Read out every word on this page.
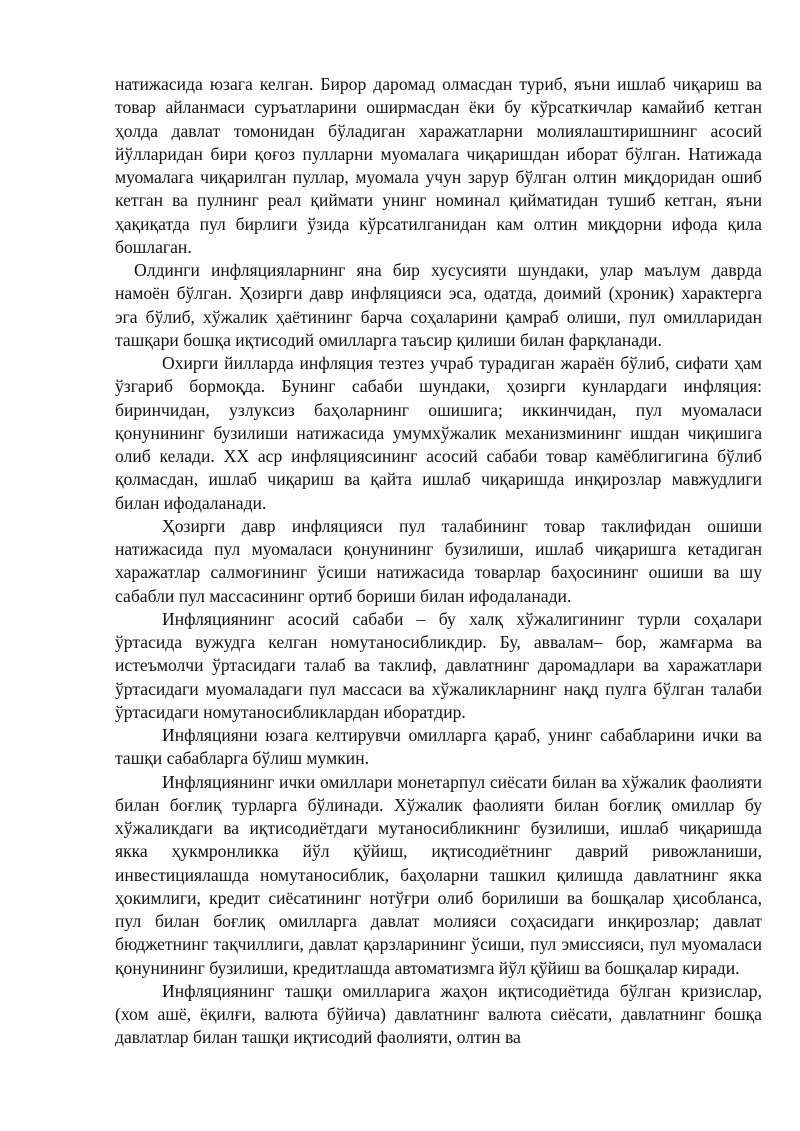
натижасида юзага келган. Бирор даромад олмасдан туриб, яъни ишлаб чиқариш ва товар айланмаси суръатларини оширмасдан ёки бу кўрсаткичлар камайиб кетган ҳолда давлат томонидан бўладиган харажатларни молиялаштиришнинг асосий йўлларидан бири қоғоз пулларни муомалага чиқаришдан иборат бўлган. Натижада муомалага чиқарилган пуллар, муомала учун зарур бўлган олтин миқдоридан ошиб кетган ва пулнинг реал қиймати унинг номинал қийматидан тушиб кетган, яъни ҳақиқатда пул бирлиги ўзида кўрсатилганидан кам олтин миқдорни ифода қила бошлаган.

Олдинги инфляцияларнинг яна бир хусусияти шундаки, улар маълум даврда намоён бўлган. Ҳозирги давр инфляцияси эса, одатда, доимий (хроник) характерга эга бўлиб, хўжалик ҳаётининг барча соҳаларини қамраб олиши, пул омилларидан ташқари бошқа иқтисодий омилларга таъсир қилиши билан фарқланади.

Охирги йилларда инфляция тезтез учраб турадиган жараён бўлиб, сифати ҳам ўзгариб бормоқда. Бунинг сабаби шундаки, ҳозирги кунлардаги инфляция: биринчидан, узлуксиз баҳоларнинг ошишига; иккинчидан, пул муомаласи қонунининг бузилиши натижасида умумхўжалик механизмининг ишдан чиқишига олиб келади. XX аср инфляциясининг асосий сабаби товар камёблигигина бўлиб қолмасдан, ишлаб чиқариш ва қайта ишлаб чиқаришда инқирозлар мавжудлиги билан ифодаланади.

Ҳозирги давр инфляцияси пул талабининг товар таклифидан ошиши натижасида пул муомаласи қонунининг бузилиши, ишлаб чиқаришга кетадиган харажатлар салмоғининг ўсиши натижасида товарлар баҳосининг ошиши ва шу сабабли пул массасининг ортиб бориши билан ифодаланади.

Инфляциянинг асосий сабаби – бу халқ хўжалигининг турли соҳалари ўртасида вужудга келган номутаносибликдир. Бу, аввалам– бор, жамғарма ва истеъмолчи ўртасидаги талаб ва таклиф, давлатнинг даромадлари ва харажатлари ўртасидаги муомаладаги пул массаси ва хўжаликларнинг нақд пулга бўлган талаби ўртасидаги номутаносибликлардан иборатдир.

Инфляцияни юзага келтирувчи омилларга қараб, унинг сабабларини ички ва ташқи сабабларга бўлиш мумкин.

Инфляциянинг ички омиллари монетарпул сиёсати билан ва хўжалик фаолияти билан боғлиқ турларга бўлинади. Хўжалик фаолияти билан боғлиқ омиллар бу хўжаликдаги ва иқтисодиётдаги мутаносибликнинг бузилиши, ишлаб чиқаришда якка ҳукмронликка йўл қўйиш, иқтисодиётнинг даврий ривожланиши, инвестициялашда номутаносиблик, баҳоларни ташкил қилишда давлатнинг якка ҳокимлиги, кредит сиёсатининг нотўғри олиб борилиши ва бошқалар ҳисобланса, пул билан боғлиқ омилларга давлат молияси соҳасидаги инқирозлар; давлат бюджетнинг тақчиллиги, давлат қарзларининг ўсиши, пул эмиссияси, пул муомаласи қонунининг бузилиши, кредитлашда автоматизмга йўл қўйиш ва бошқалар киради.

Инфляциянинг ташқи омилларига жаҳон иқтисодиётида бўлган кризислар, (хом ашё, ёқилғи, валюта бўйича) давлатнинг валюта сиёсати, давлатнинг бошқа давлатлар билан ташқи иқтисодий фаолияти, олтин ва
